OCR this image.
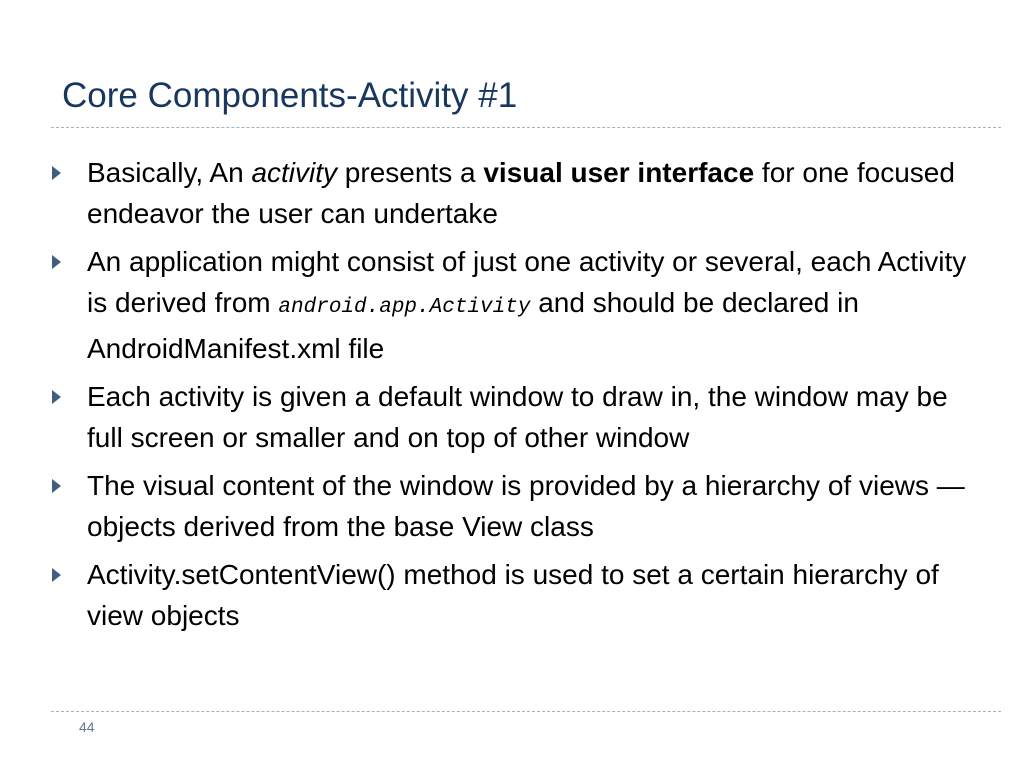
Core Components-Activity #1
Basically, An activity presents a visual user interface for one focused endeavor the user can undertake
An application might consist of just one activity or several, each Activity is derived from android.app.Activity and should be declared in AndroidManifest.xml file
Each activity is given a default window to draw in, the window may be full screen or smaller and on top of other window
The visual content of the window is provided by a hierarchy of views — objects derived from the base View class
Activity.setContentView() method is used to set a certain hierarchy of view objects
44
